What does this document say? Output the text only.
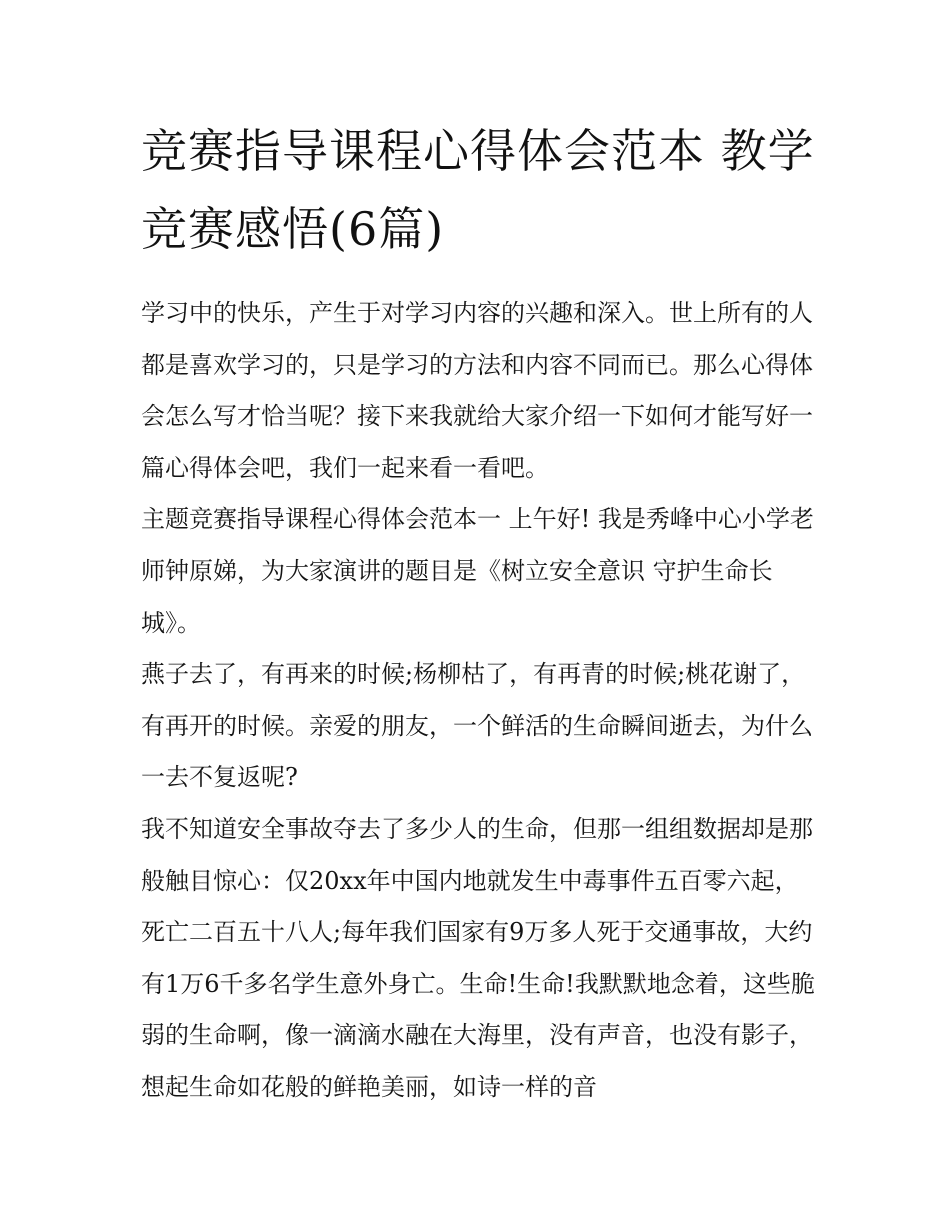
竞赛指导课程心得体会范本 教学竞赛感悟(6篇)

学习中的快乐，产生于对学习内容的兴趣和深入。世上所有的人都是喜欢学习的，只是学习的方法和内容不同而已。那么心得体会怎么写才恰当呢？接下来我就给大家介绍一下如何才能写好一篇心得体会吧，我们一起来看一看吧。

主题竞赛指导课程心得体会范本一 上午好! 我是秀峰中心小学老师钟原娣，为大家演讲的题目是《树立安全意识 守护生命长城》。

燕子去了，有再来的时候;杨柳枯了，有再青的时候;桃花谢了，有再开的时候。亲爱的朋友，一个鲜活的生命瞬间逝去，为什么一去不复返呢?

我不知道安全事故夺去了多少人的生命，但那一组组数据却是那般触目惊心：仅20xx年中国内地就发生中毒事件五百零六起，死亡二百五十八人;每年我们国家有9万多人死于交通事故，大约有1万6千多名学生意外身亡。生命!生命!我默默地念着，这些脆弱的生命啊，像一滴滴水融在大海里，没有声音，也没有影子，想起生命如花般的鲜艳美丽，如诗一样的音
